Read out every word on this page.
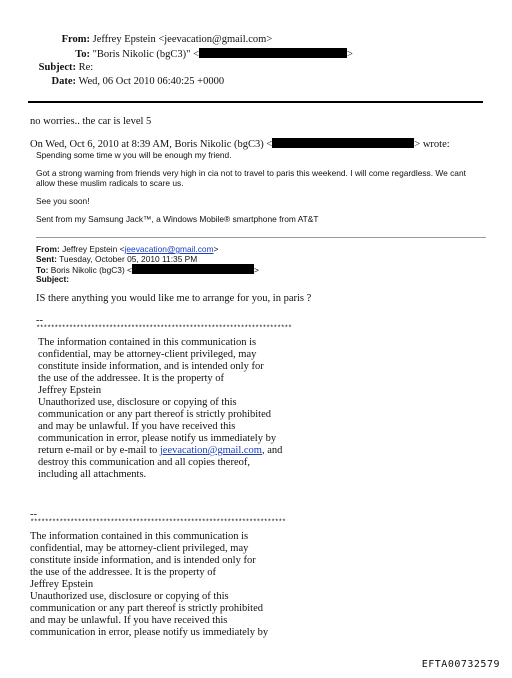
From: Jeffrey Epstein <jeevacation@gmail.com>
To: "Boris Nikolic (bgC3)" <	>
Subject: Re:
Date: Wed, 06 Oct 2010 06:40:25 +0000
no worries.. the car is level 5
On Wed, Oct 6, 2010 at 8:39 AM, Boris Nikolic (bgC3) <	> wrote:
Spending some time w you will be enough my friend.
Got a strong warning from friends very high in cia not to travel to paris this weekend. I will come regardless. We cant
allow these muslim radicals to scare us.
See you soon!
Sent from my Samsung Jack™, a Windows Mobile® smartphone from AT&T
From: Jeffrey Epstein <jeevacation@gmail.com>
Sent: Tuesday, October 05, 2010 11:35 PM
To: Boris Nikolic (bgC3) <	>
Subject:
IS there anything you would like me to arrange for you, in paris ?
--
**********************************************************************
The information contained in this communication is
confidential, may be attorney-client privileged, may
constitute inside information, and is intended only for
the use of the addressee. It is the property of
Jeffrey Epstein
Unauthorized use, disclosure or copying of this
communication or any part thereof is strictly prohibited
and may be unlawful. If you have received this
communication in error, please notify us immediately by
return e-mail or by e-mail to jeevacation@gmail.com, and
destroy this communication and all copies thereof,
including all attachments.
--
**********************************************************************
The information contained in this communication is
confidential, may be attorney-client privileged, may
constitute inside information, and is intended only for
the use of the addressee. It is the property of
Jeffrey Epstein
Unauthorized use, disclosure or copying of this
communication or any part thereof is strictly prohibited
and may be unlawful. If you have received this
communication in error, please notify us immediately by
EFTA00732579
